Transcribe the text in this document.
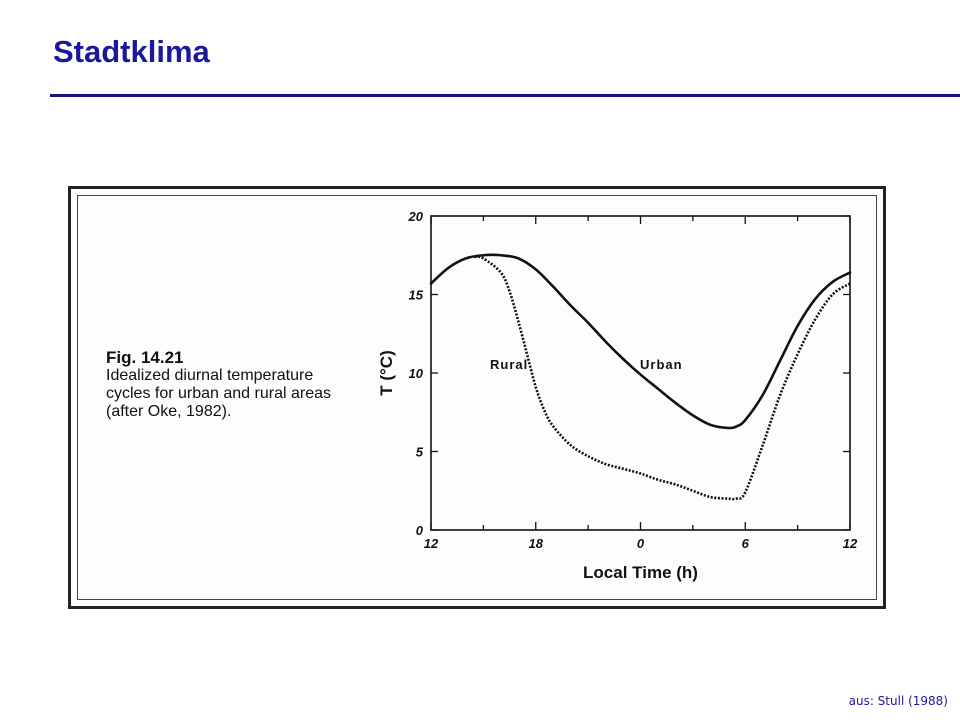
Stadtklima
Fig. 14.21
Idealized diurnal temperature cycles for urban and rural areas (after Oke, 1982).
12	18	0	6	12
0
5
10
15
20
Rural	Urban
Local Time (h)
T (°C)
aus: Stull (1988)
